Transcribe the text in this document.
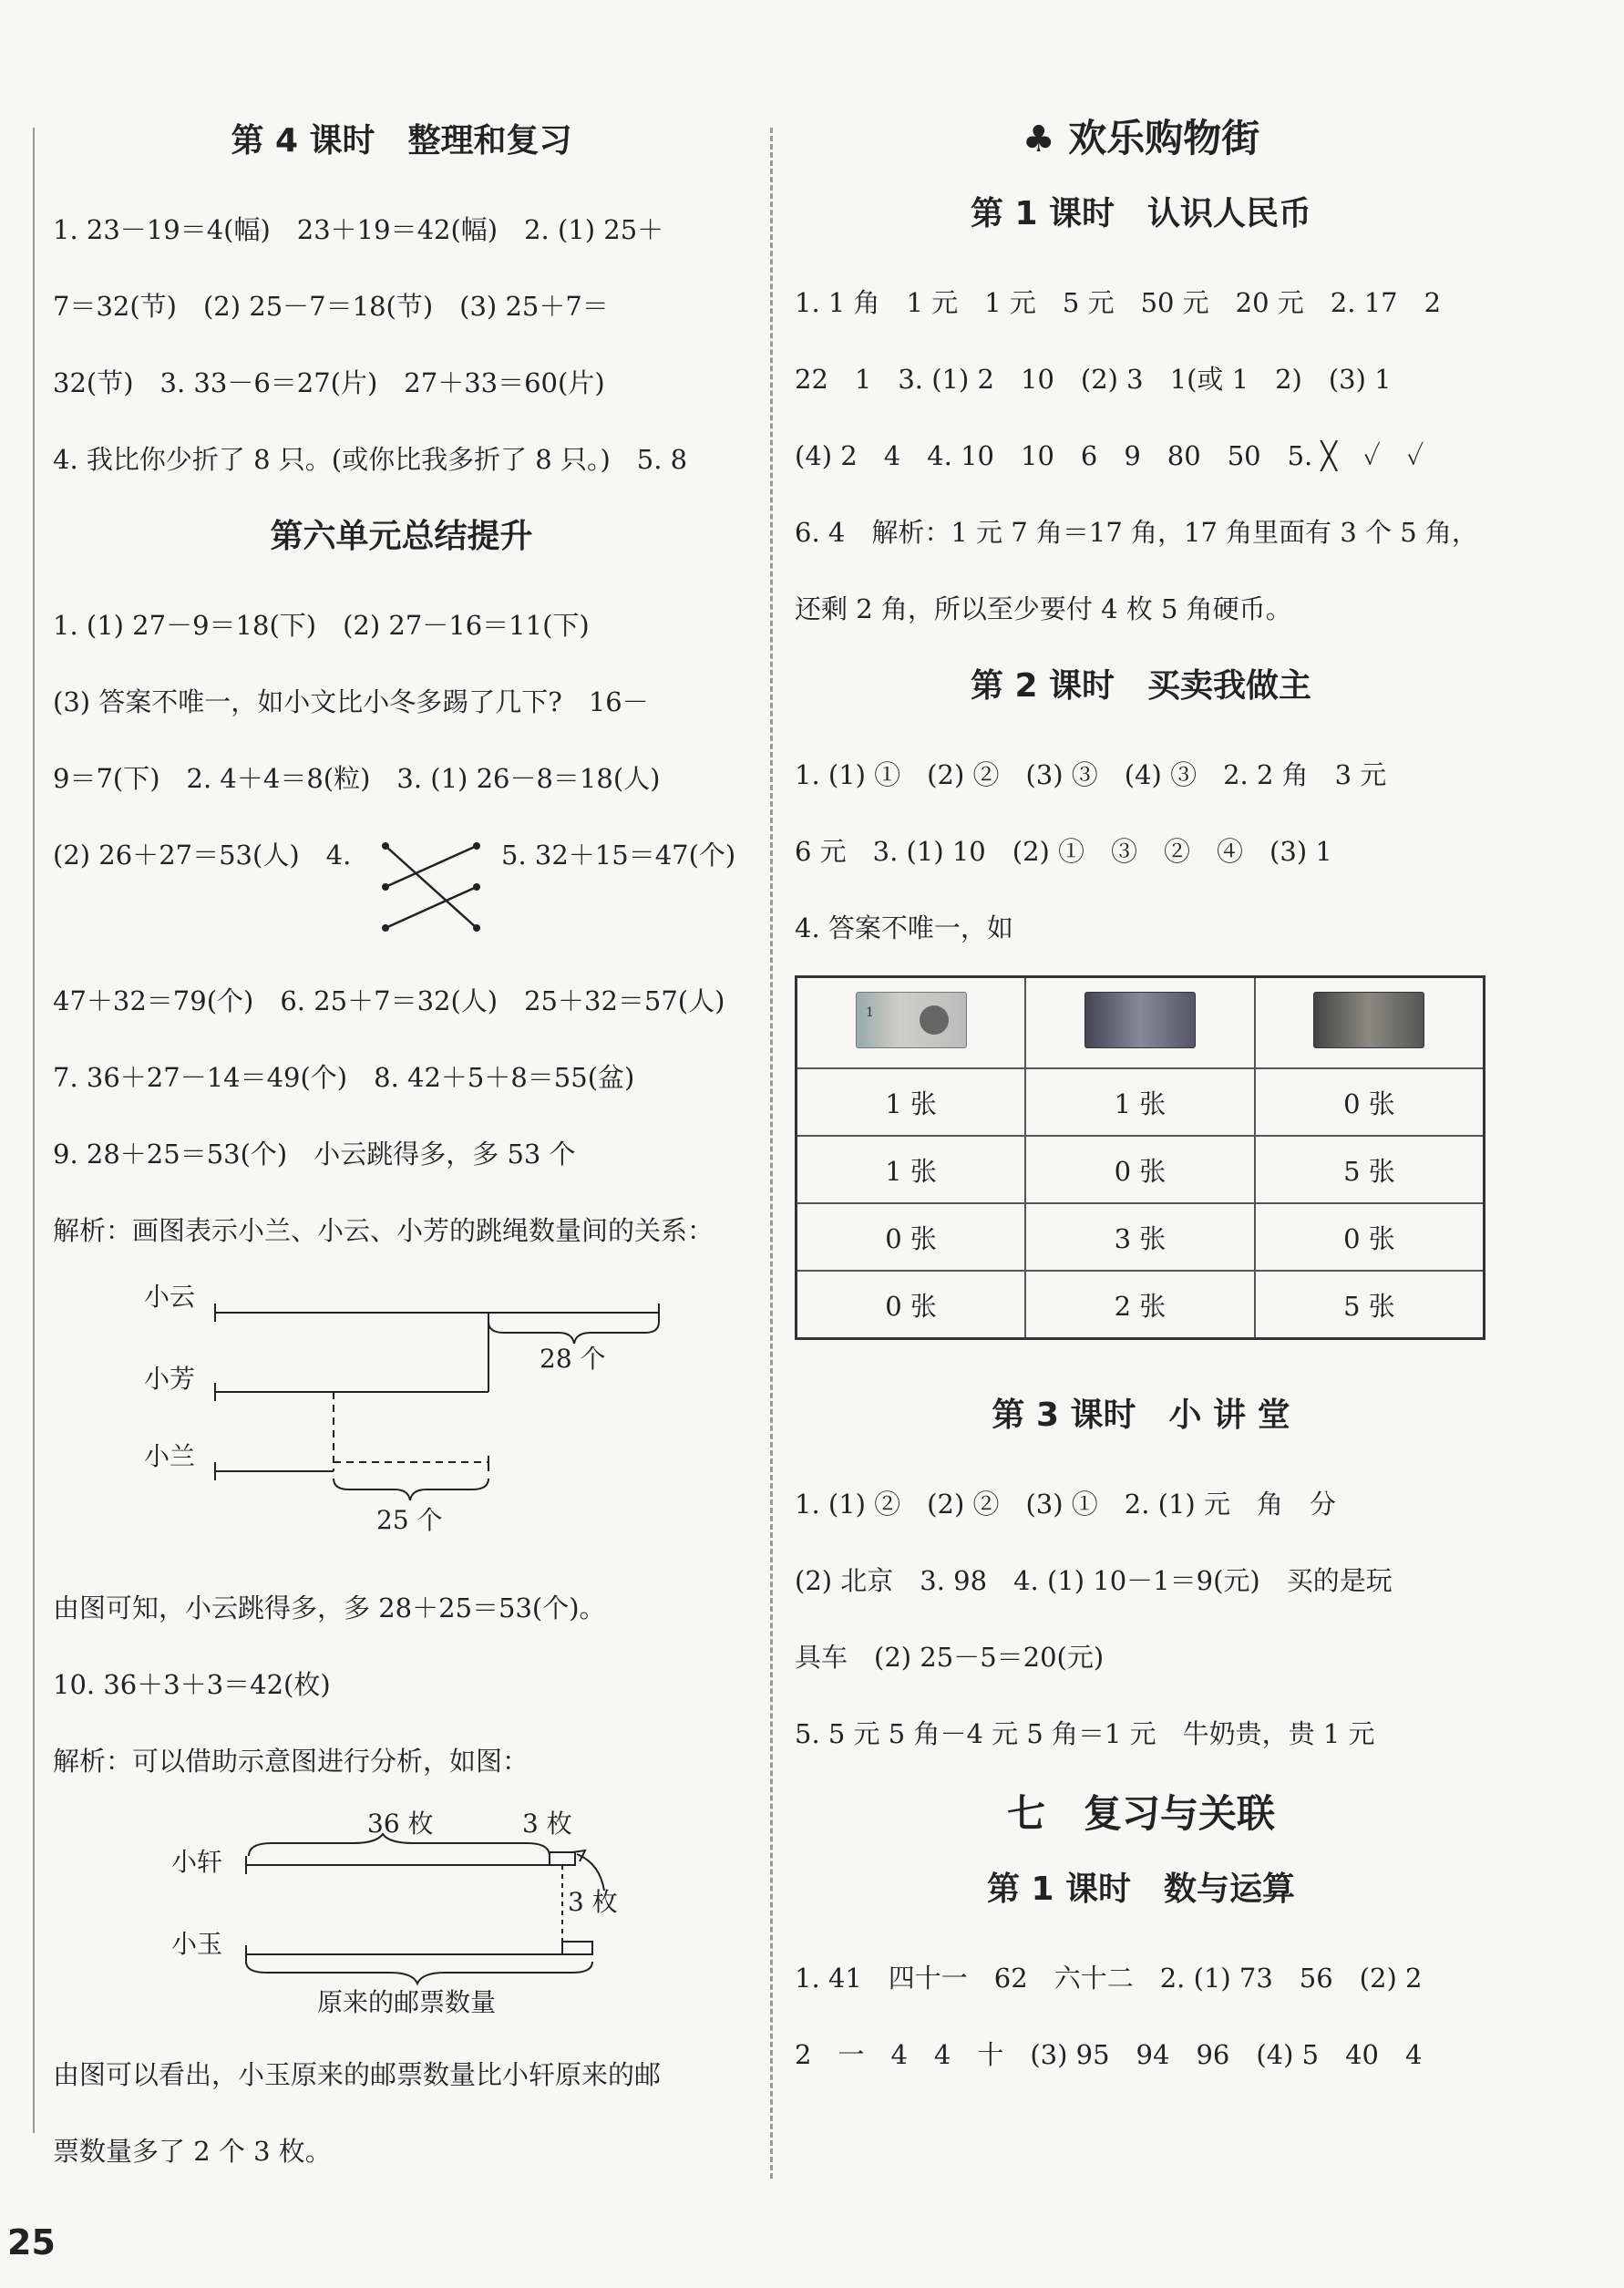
第 4 课时　整理和复习

1. 23－19＝4(幅)　23＋19＝42(幅)　2. (1) 25＋

7＝32(节)　(2) 25－7＝18(节)　(3) 25＋7＝

32(节)　3. 33－6＝27(片)　27＋33＝60(片)

4. 我比你少折了 8 只。(或你比我多折了 8 只。)　5. 8

第六单元总结提升

1. (1) 27－9＝18(下)　(2) 27－16＝11(下)

(3) 答案不唯一，如小文比小冬多踢了几下?　16－

9＝7(下)　2. 4＋4＝8(粒)　3. (1) 26－8＝18(人)

(2) 26＋27＝53(人)　4.	5. 32＋15＝47(个)

47＋32＝79(个)　6. 25＋7＝32(人)　25＋32＝57(人)

7. 36＋27－14＝49(个)　8. 42＋5＋8＝55(盆)

9. 28＋25＝53(个)　小云跳得多，多 53 个

解析：画图表示小兰、小云、小芳的跳绳数量间的关系：

小云
小芳
小兰
28 个
25 个

由图可知，小云跳得多，多 28＋25＝53(个)。

10. 36＋3＋3＝42(枚)

解析：可以借助示意图进行分析，如图：

36 枚	3 枚
小轩
3 枚
小玉
原来的邮票数量

由图可以看出，小玉原来的邮票数量比小轩原来的邮

票数量多了 2 个 3 枚。

♣ 欢乐购物街
第 1 课时　认识人民币

1. 1 角　1 元　1 元　5 元　50 元　20 元　2. 17　2

22　1　3. (1) 2　10　(2) 3　1(或 1　2)　(3) 1

(4) 2　4　4. 10　10　6　9　80　50　5. ╳　✓　✓

6. 4　解析：1 元 7 角＝17 角，17 角里面有 3 个 5 角，

还剩 2 角，所以至少要付 4 枚 5 角硬币。

第 2 课时　买卖我做主

1. (1) ①　(2) ②　(3) ③　(4) ③　2. 2 角　3 元

6 元　3. (1) 10　(2) ①　③　②　④　(3) 1

4. 答案不唯一，如

1		

1 张	1 张	0 张
1 张	0 张	5 张
0 张	3 张	0 张
0 张	2 张	5 张
第 3 课时　小 讲 堂

1. (1) ②　(2) ②　(3) ①　2. (1) 元　角　分

(2) 北京　3. 98　4. (1) 10－1＝9(元)　买的是玩

具车　(2) 25－5＝20(元)

5. 5 元 5 角－4 元 5 角＝1 元　牛奶贵，贵 1 元

七　复习与关联
第 1 课时　数与运算

1. 41　四十一　62　六十二　2. (1) 73　56　(2) 2

2　一　4　4　十　(3) 95　94　96　(4) 5　40　4

25
